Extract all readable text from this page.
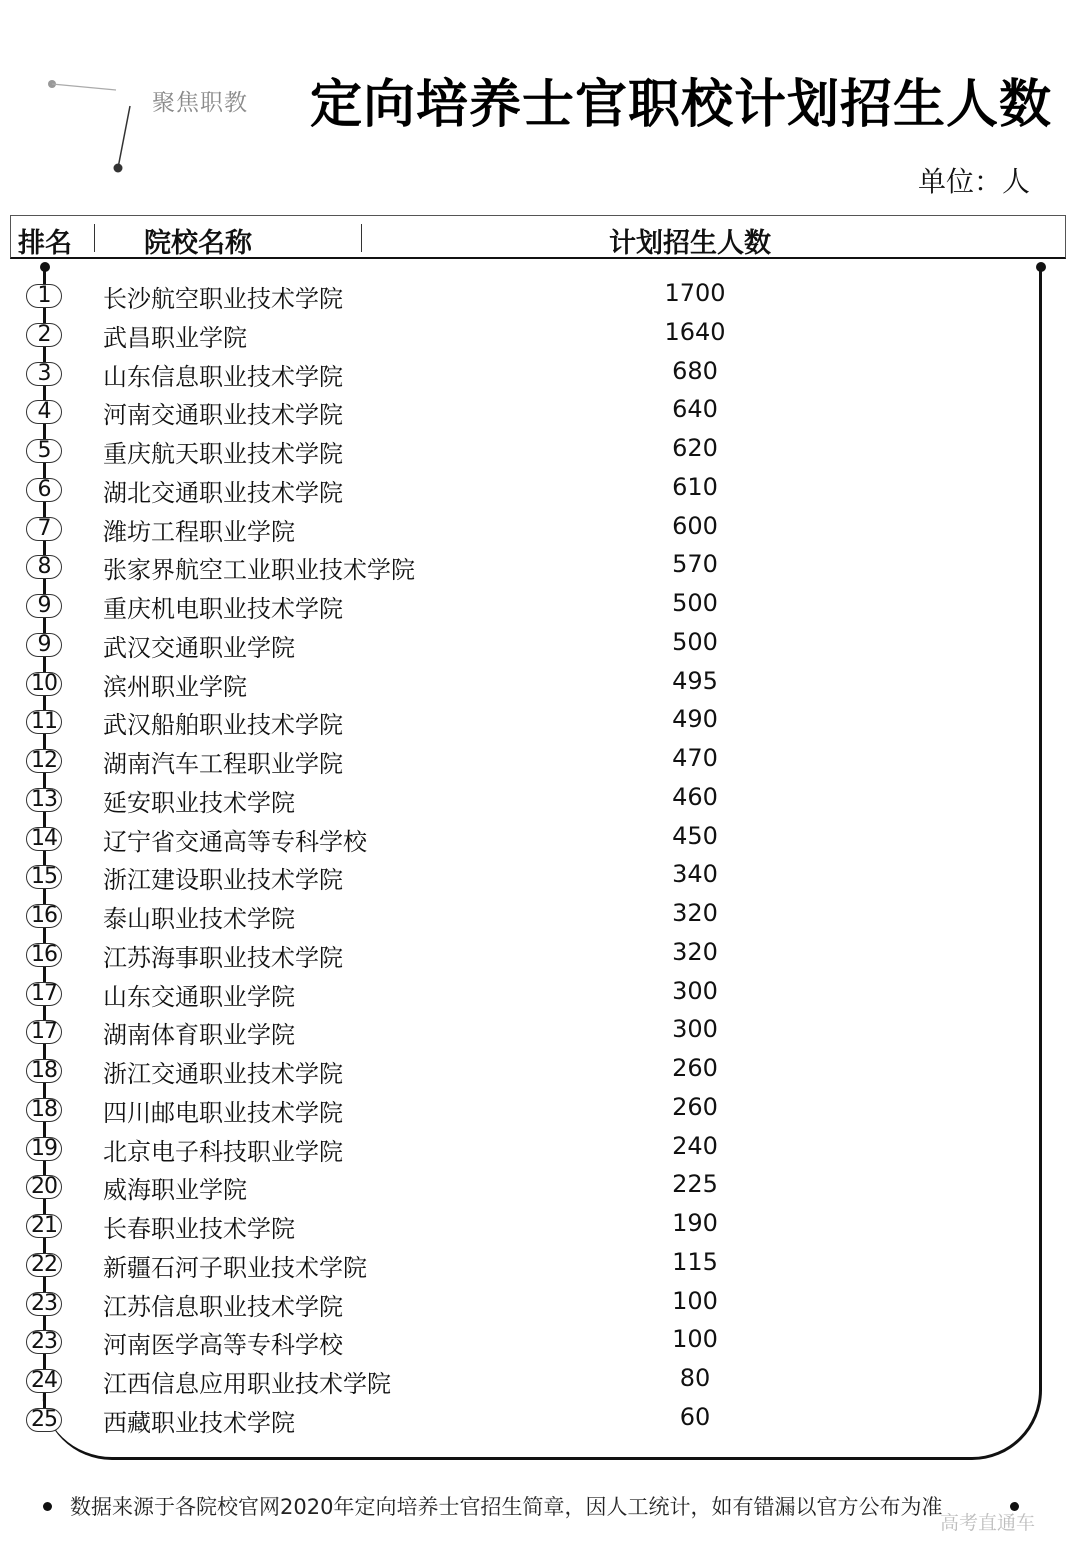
聚焦职教 定向培养士官职校计划招生人数
单位：人
排名	院校名称	计划招生人数
1	长沙航空职业技术学院	1700
2	武昌职业学院	1640
3	山东信息职业技术学院	680
4	河南交通职业技术学院	640
5	重庆航天职业技术学院	620
6	湖北交通职业技术学院	610
7	潍坊工程职业学院	600
8	张家界航空工业职业技术学院	570
9	重庆机电职业技术学院	500
9	武汉交通职业学院	500
10 滨州职业学院	495
11 武汉船舶职业技术学院	490
12 湖南汽车工程职业学院	470
13 延安职业技术学院	460
14 辽宁省交通高等专科学校	450
15 浙江建设职业技术学院	340
16 泰山职业技术学院	320
16 江苏海事职业技术学院	320
17 山东交通职业学院	300
17 湖南体育职业学院	300
18 浙江交通职业技术学院	260
18 四川邮电职业技术学院	260
19 北京电子科技职业学院	240
20 威海职业学院	225
21 长春职业技术学院	190
22 新疆石河子职业技术学院	115
23 江苏信息职业技术学院	100
23 河南医学高等专科学校	100
24 江西信息应用职业技术学院	80
25 西藏职业技术学院	60
数据来源于各院校官网2020年定向培养士官招生简章，因人工统计，如有错漏以官方公布为准
高考直通车
